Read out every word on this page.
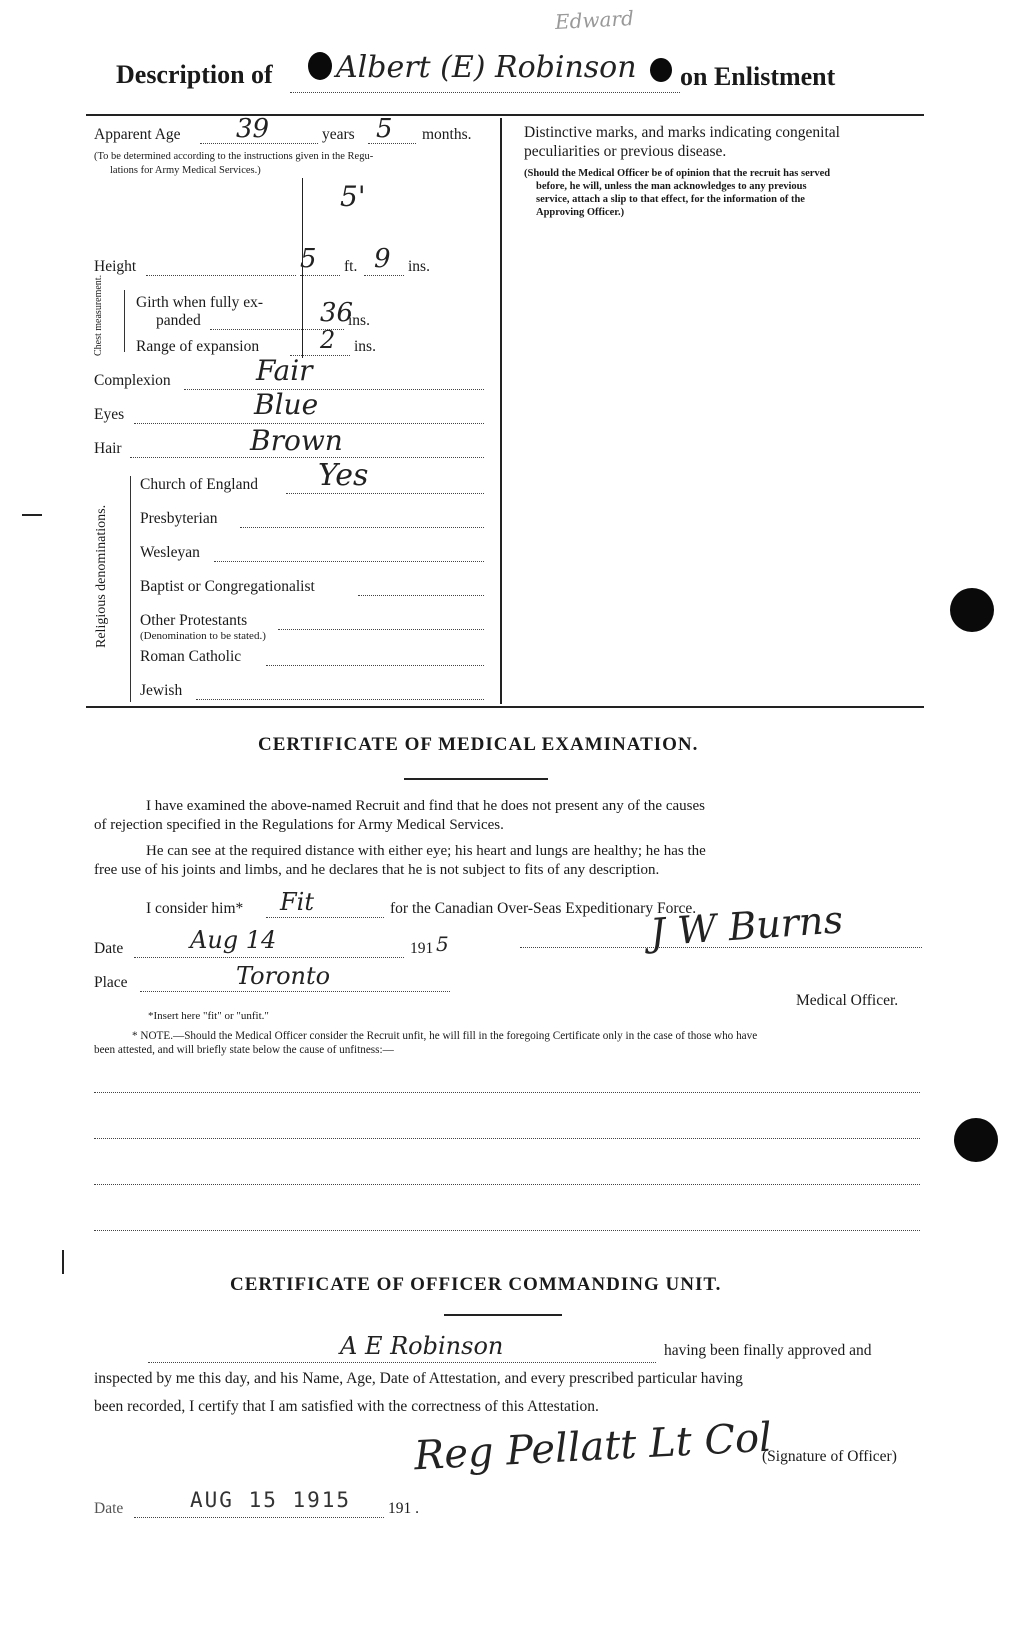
Edward
Description of Albert (E) Robinson on Enlistment
Apparent Age 39	years 5 months.
(To be determined according to the instructions given in the Regu-
lations for Army Medical Services.)
5'
Height	5 ft. 9 ins.
Chest measurement. Girth when fully ex-
panded	36
ins.
Range of expansion	2 ins.
Complexion	Fair
Eyes	Blue
Hair	Brown
Religious denominations.
Church of England Yes
Presbyterian
Wesleyan
Baptist or Congregationalist
Other Protestants
(Denomination to be stated.)
Roman Catholic
Jewish
Distinctive marks, and marks indicating congenital
peculiarities or previous disease.
(Should the Medical Officer be of opinion that the recruit has served
before, he will, unless the man acknowledges to any previous
service, attach a slip to that effect, for the information of the
Approving Officer.)
CERTIFICATE OF MEDICAL EXAMINATION.
I have examined the above-named Recruit and find that he does not present any of the causes
of rejection specified in the Regulations for Army Medical Services.
He can see at the required distance with either eye; his heart and lungs are healthy; he has the
free use of his joints and limbs, and he declares that he is not subject to fits of any description.
I consider him* Fit	for the Canadian Over-Seas Expeditionary Force.
Date	Aug 14	191 5	J W Burns
Place	Toronto
Medical Officer.
*Insert here "fit" or "unfit."
* NOTE.—Should the Medical Officer consider the Recruit unfit, he will fill in the foregoing Certificate only in the case of those who have
been attested, and will briefly state below the cause of unfitness:—
CERTIFICATE OF OFFICER COMMANDING UNIT.
A E Robinson	having been finally approved and
inspected by me this day, and his Name, Age, Date of Attestation, and every prescribed particular having
been recorded, I certify that I am satisfied with the correctness of this Attestation.
Reg Pellatt Lt Col
(Signature of Officer)
Date	AUG 15 1915 191 .
